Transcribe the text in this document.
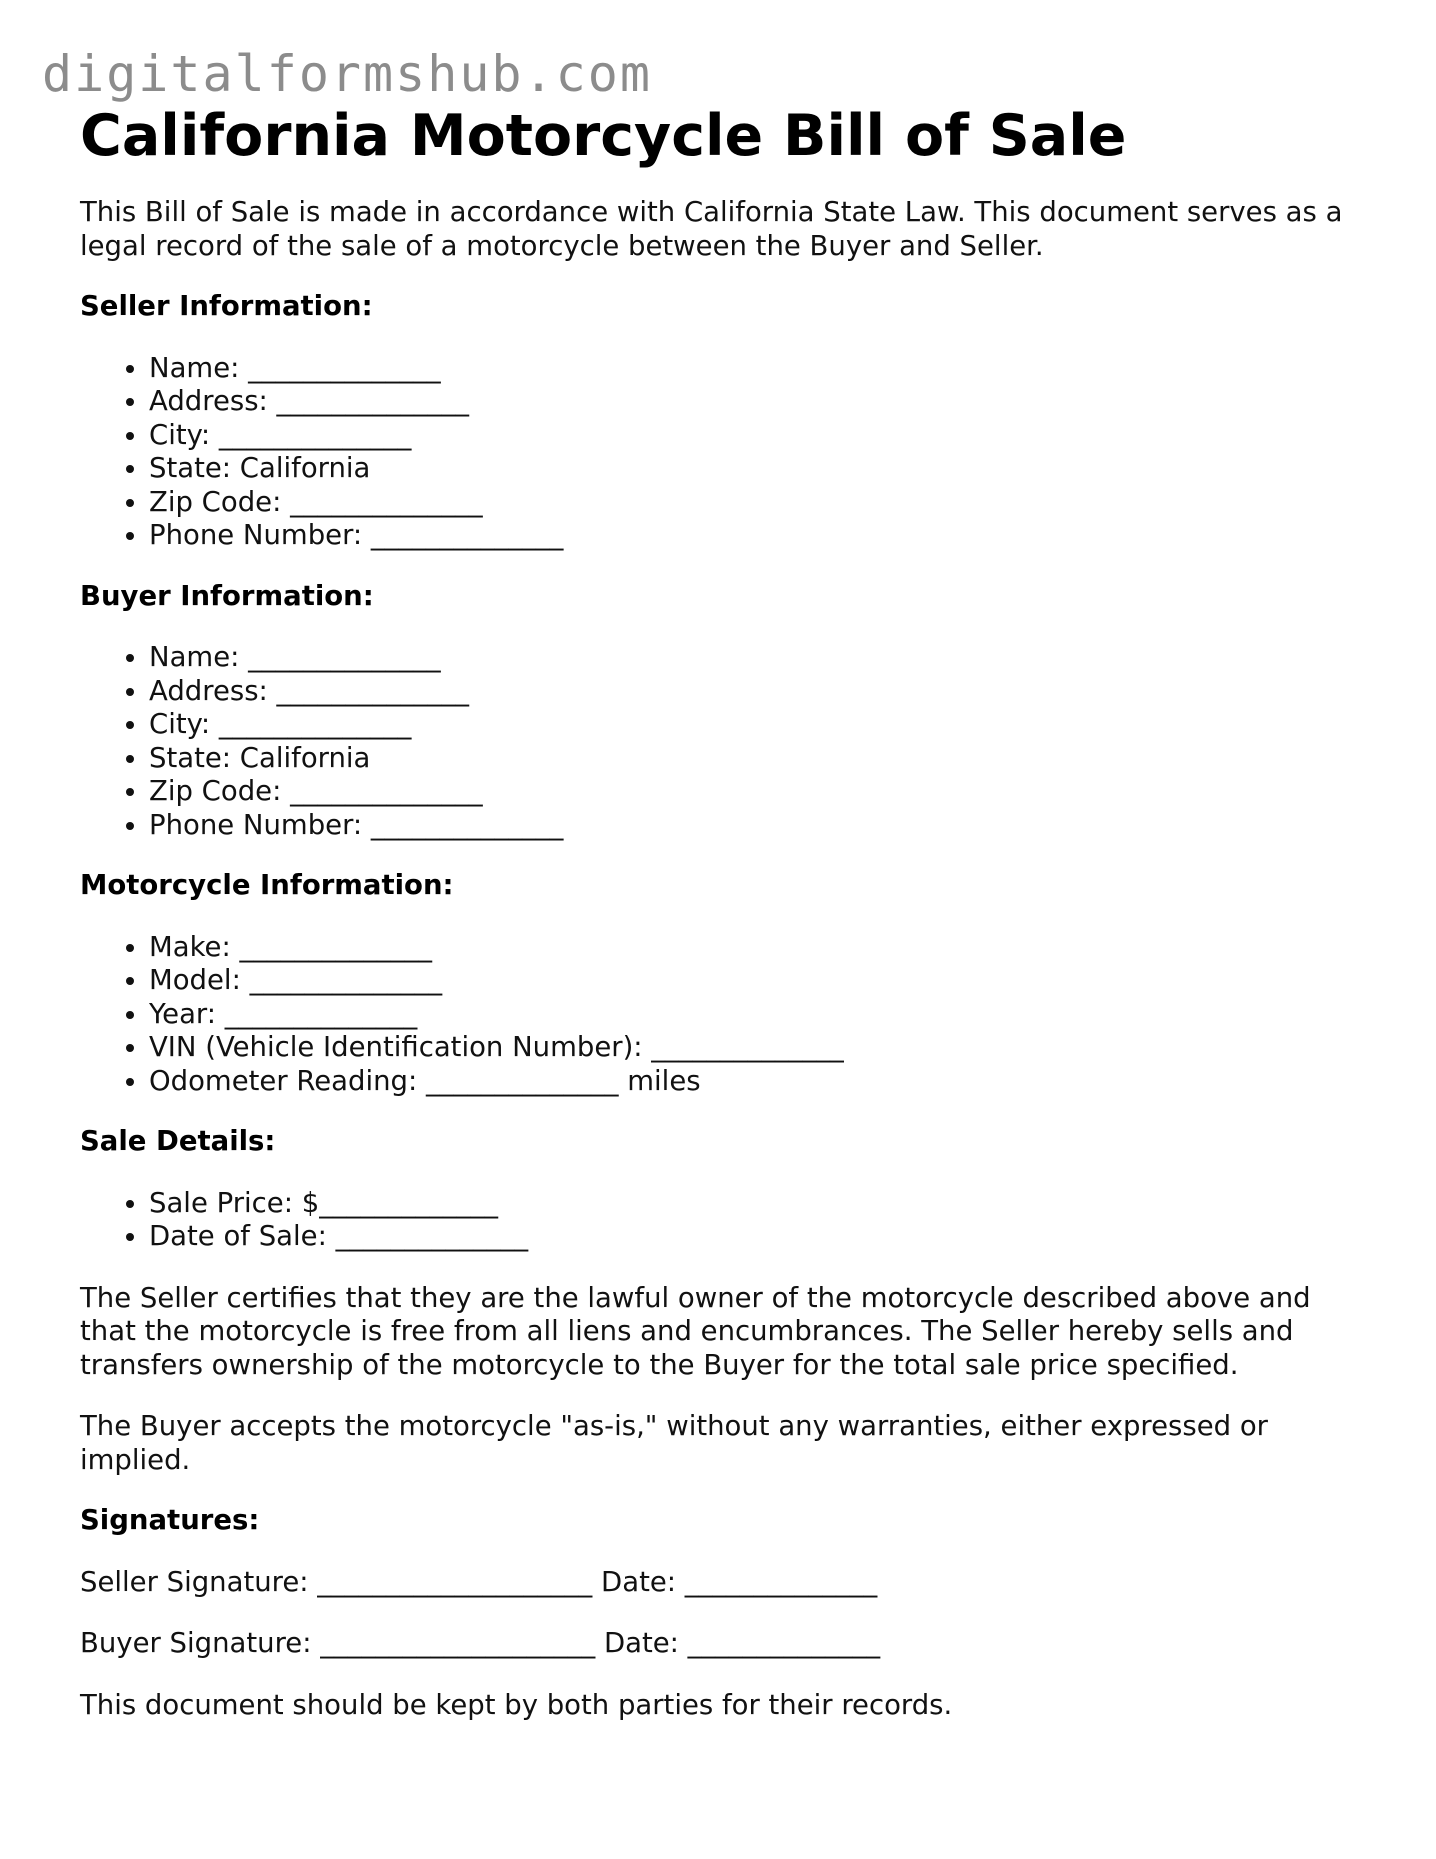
digitalformshub.com
California Motorcycle Bill of Sale

This Bill of Sale is made in accordance with California State Law. This document serves as a legal record of the sale of a motorcycle between the Buyer and Seller.

Seller Information:
• Name: ______________
• Address: ______________
• City: ______________
• State: California
• Zip Code: ______________
• Phone Number: ______________
Buyer Information:
• Name: ______________
• Address: ______________
• City: ______________
• State: California
• Zip Code: ______________
• Phone Number: ______________
Motorcycle Information:
• Make: ______________
• Model: ______________
• Year: ______________
• VIN (Vehicle Identification Number): ______________
• Odometer Reading: ______________ miles
Sale Details:
• Sale Price: $_____________
• Date of Sale: ______________

The Seller certifies that they are the lawful owner of the motorcycle described above and that the motorcycle is free from all liens and encumbrances. The Seller hereby sells and transfers ownership of the motorcycle to the Buyer for the total sale price specified.

The Buyer accepts the motorcycle "as-is," without any warranties, either expressed or implied.

Signatures:

Seller Signature: ____________________ Date: ______________

Buyer Signature: ____________________ Date: ______________

This document should be kept by both parties for their records.
